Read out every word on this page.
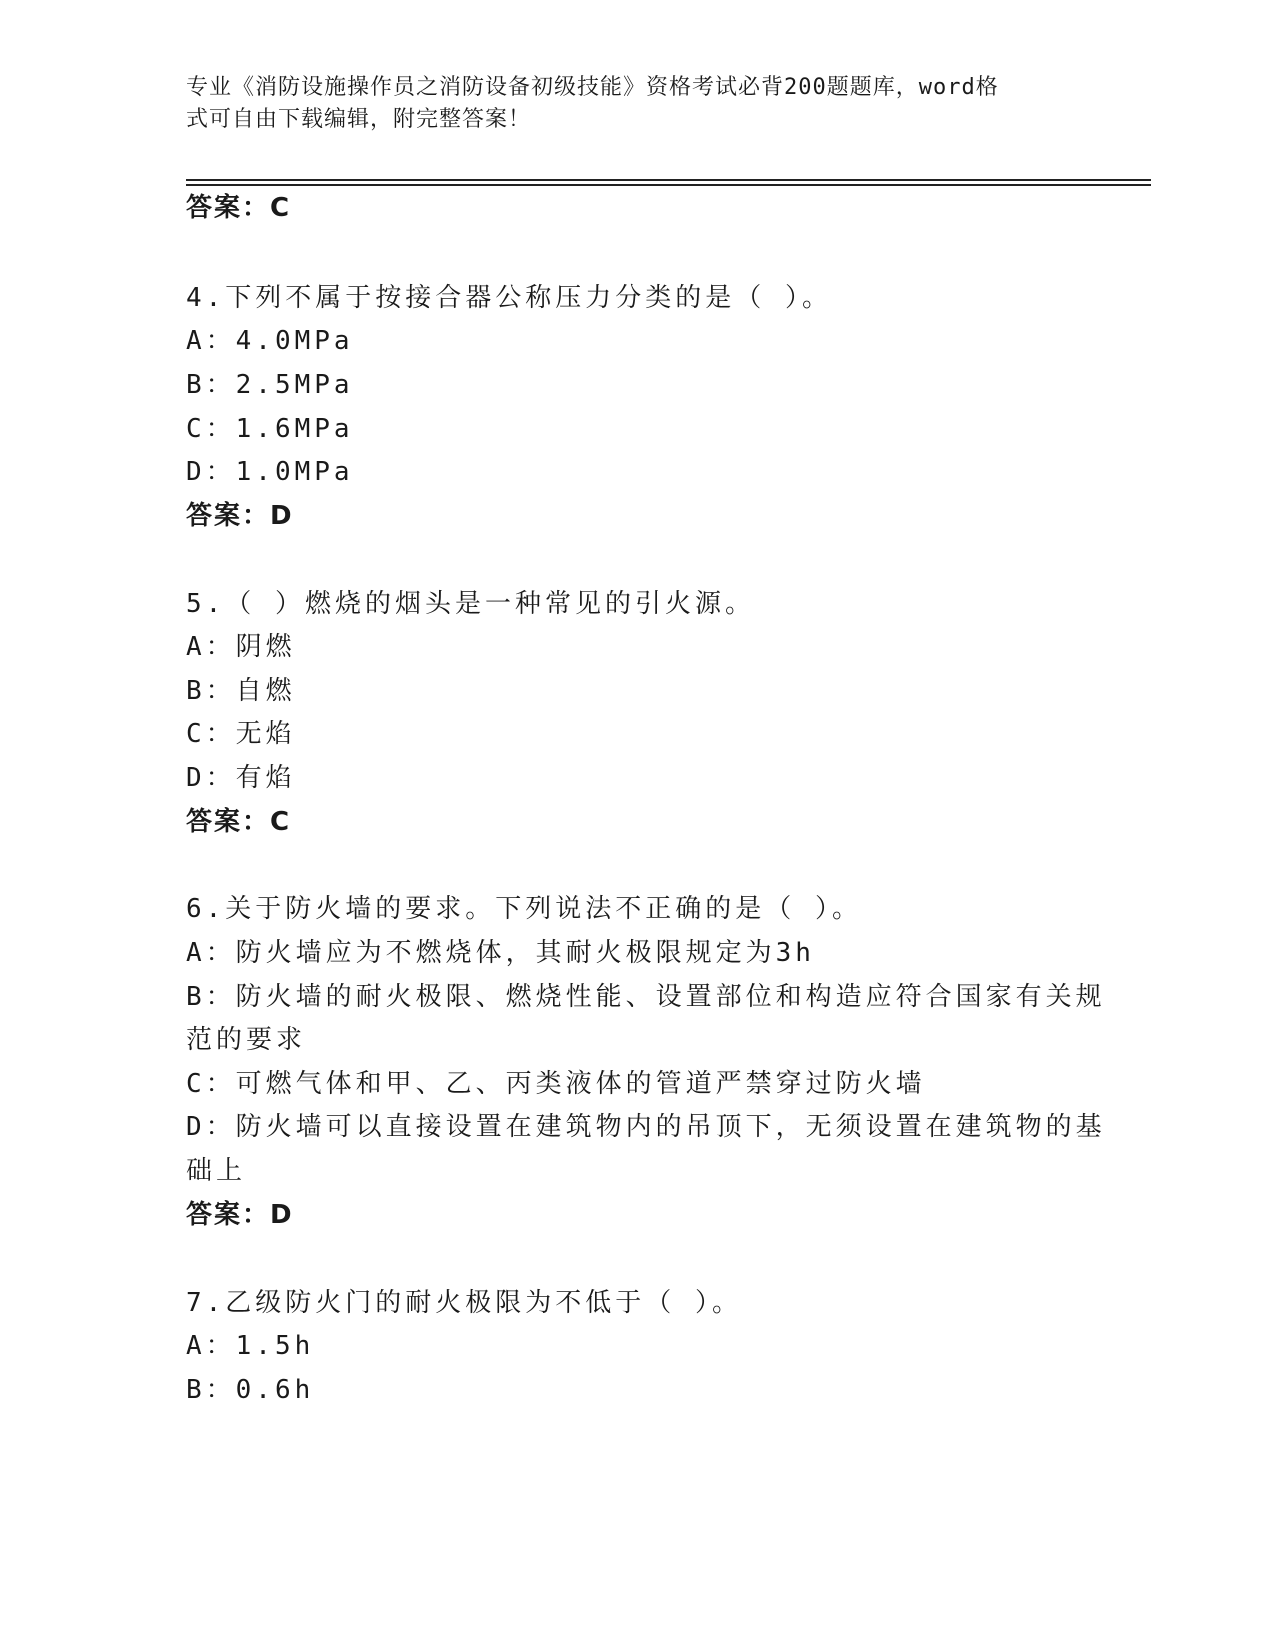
专业《消防设施操作员之消防设备初级技能》资格考试必背200题题库，word格
式可自由下载编辑，附完整答案！
答案：C
4.下列不属于按接合器公称压力分类的是（ ）。
A：4.0MPa
B：2.5MPa
C：1.6MPa
D：1.0MPa
答案：D
5.（ ）燃烧的烟头是一种常见的引火源。
A：阴燃
B：自燃
C：无焰
D：有焰
答案：C
6.关于防火墙的要求。下列说法不正确的是（ ）。
A：防火墙应为不燃烧体，其耐火极限规定为3h
B：防火墙的耐火极限、燃烧性能、设置部位和构造应符合国家有关规
范的要求
C：可燃气体和甲、乙、丙类液体的管道严禁穿过防火墙
D：防火墙可以直接设置在建筑物内的吊顶下，无须设置在建筑物的基
础上
答案：D
7.乙级防火门的耐火极限为不低于（ ）。
A：1.5h
B：0.6h
